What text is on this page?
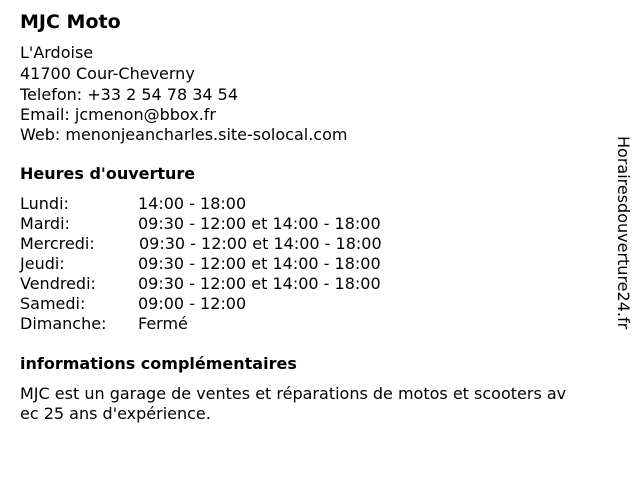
MJC Moto
L'Ardoise
41700 Cour-Cheverny
Telefon: +33 2 54 78 34 54
Email: jcmenon@bbox.fr
Web: menonjeancharles.site-solocal.com
Heures d'ouverture
Lundi:	14:00 - 18:00
Mardi:	09:30 - 12:00 et 14:00 - 18:00
Mercredi:	09:30 - 12:00 et 14:00 - 18:00
Jeudi:	09:30 - 12:00 et 14:00 - 18:00
Vendredi:	09:30 - 12:00 et 14:00 - 18:00
Samedi:	09:00 - 12:00
Dimanche: Fermé
informations complémentaires
MJC est un garage de ventes et réparations de motos et scooters av
ec 25 ans d'expérience.
Horairesdouverture24.fr
